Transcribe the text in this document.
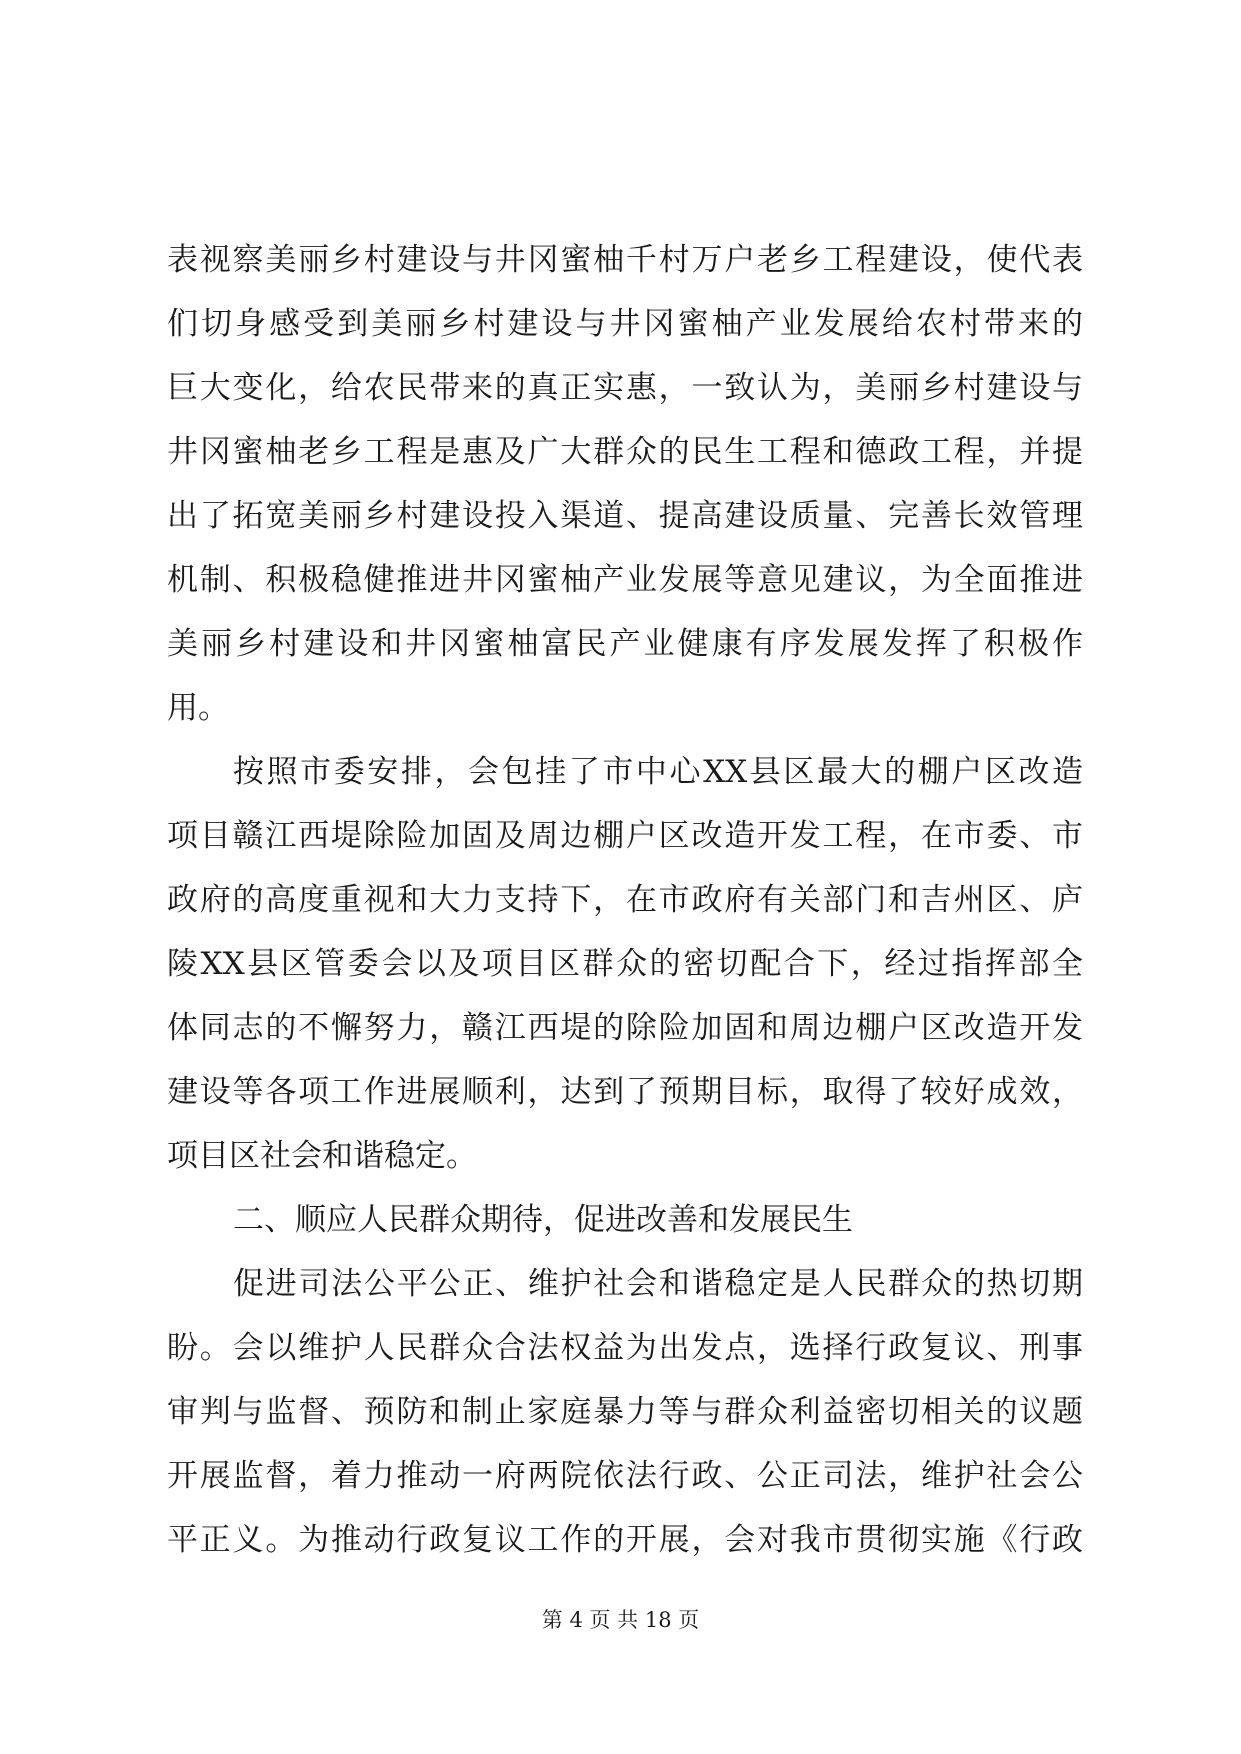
表视察美丽乡村建设与井冈蜜柚千村万户老乡工程建设，使代表
们切身感受到美丽乡村建设与井冈蜜柚产业发展给农村带来的
巨大变化，给农民带来的真正实惠，一致认为，美丽乡村建设与
井冈蜜柚老乡工程是惠及广大群众的民生工程和德政工程，并提
出了拓宽美丽乡村建设投入渠道、提高建设质量、完善长效管理
机制、积极稳健推进井冈蜜柚产业发展等意见建议，为全面推进
美丽乡村建设和井冈蜜柚富民产业健康有序发展发挥了积极作
用。
按照市委安排，会包挂了市中心XX县区最大的棚户区改造
项目赣江西堤除险加固及周边棚户区改造开发工程，在市委、市
政府的高度重视和大力支持下，在市政府有关部门和吉州区、庐
陵XX县区管委会以及项目区群众的密切配合下，经过指挥部全
体同志的不懈努力，赣江西堤的除险加固和周边棚户区改造开发
建设等各项工作进展顺利，达到了预期目标，取得了较好成效，
项目区社会和谐稳定。
二、顺应人民群众期待，促进改善和发展民生
促进司法公平公正、维护社会和谐稳定是人民群众的热切期
盼。会以维护人民群众合法权益为出发点，选择行政复议、刑事
审判与监督、预防和制止家庭暴力等与群众利益密切相关的议题
开展监督，着力推动一府两院依法行政、公正司法，维护社会公
平正义。为推动行政复议工作的开展，会对我市贯彻实施《行政
第 4 页 共 18 页
